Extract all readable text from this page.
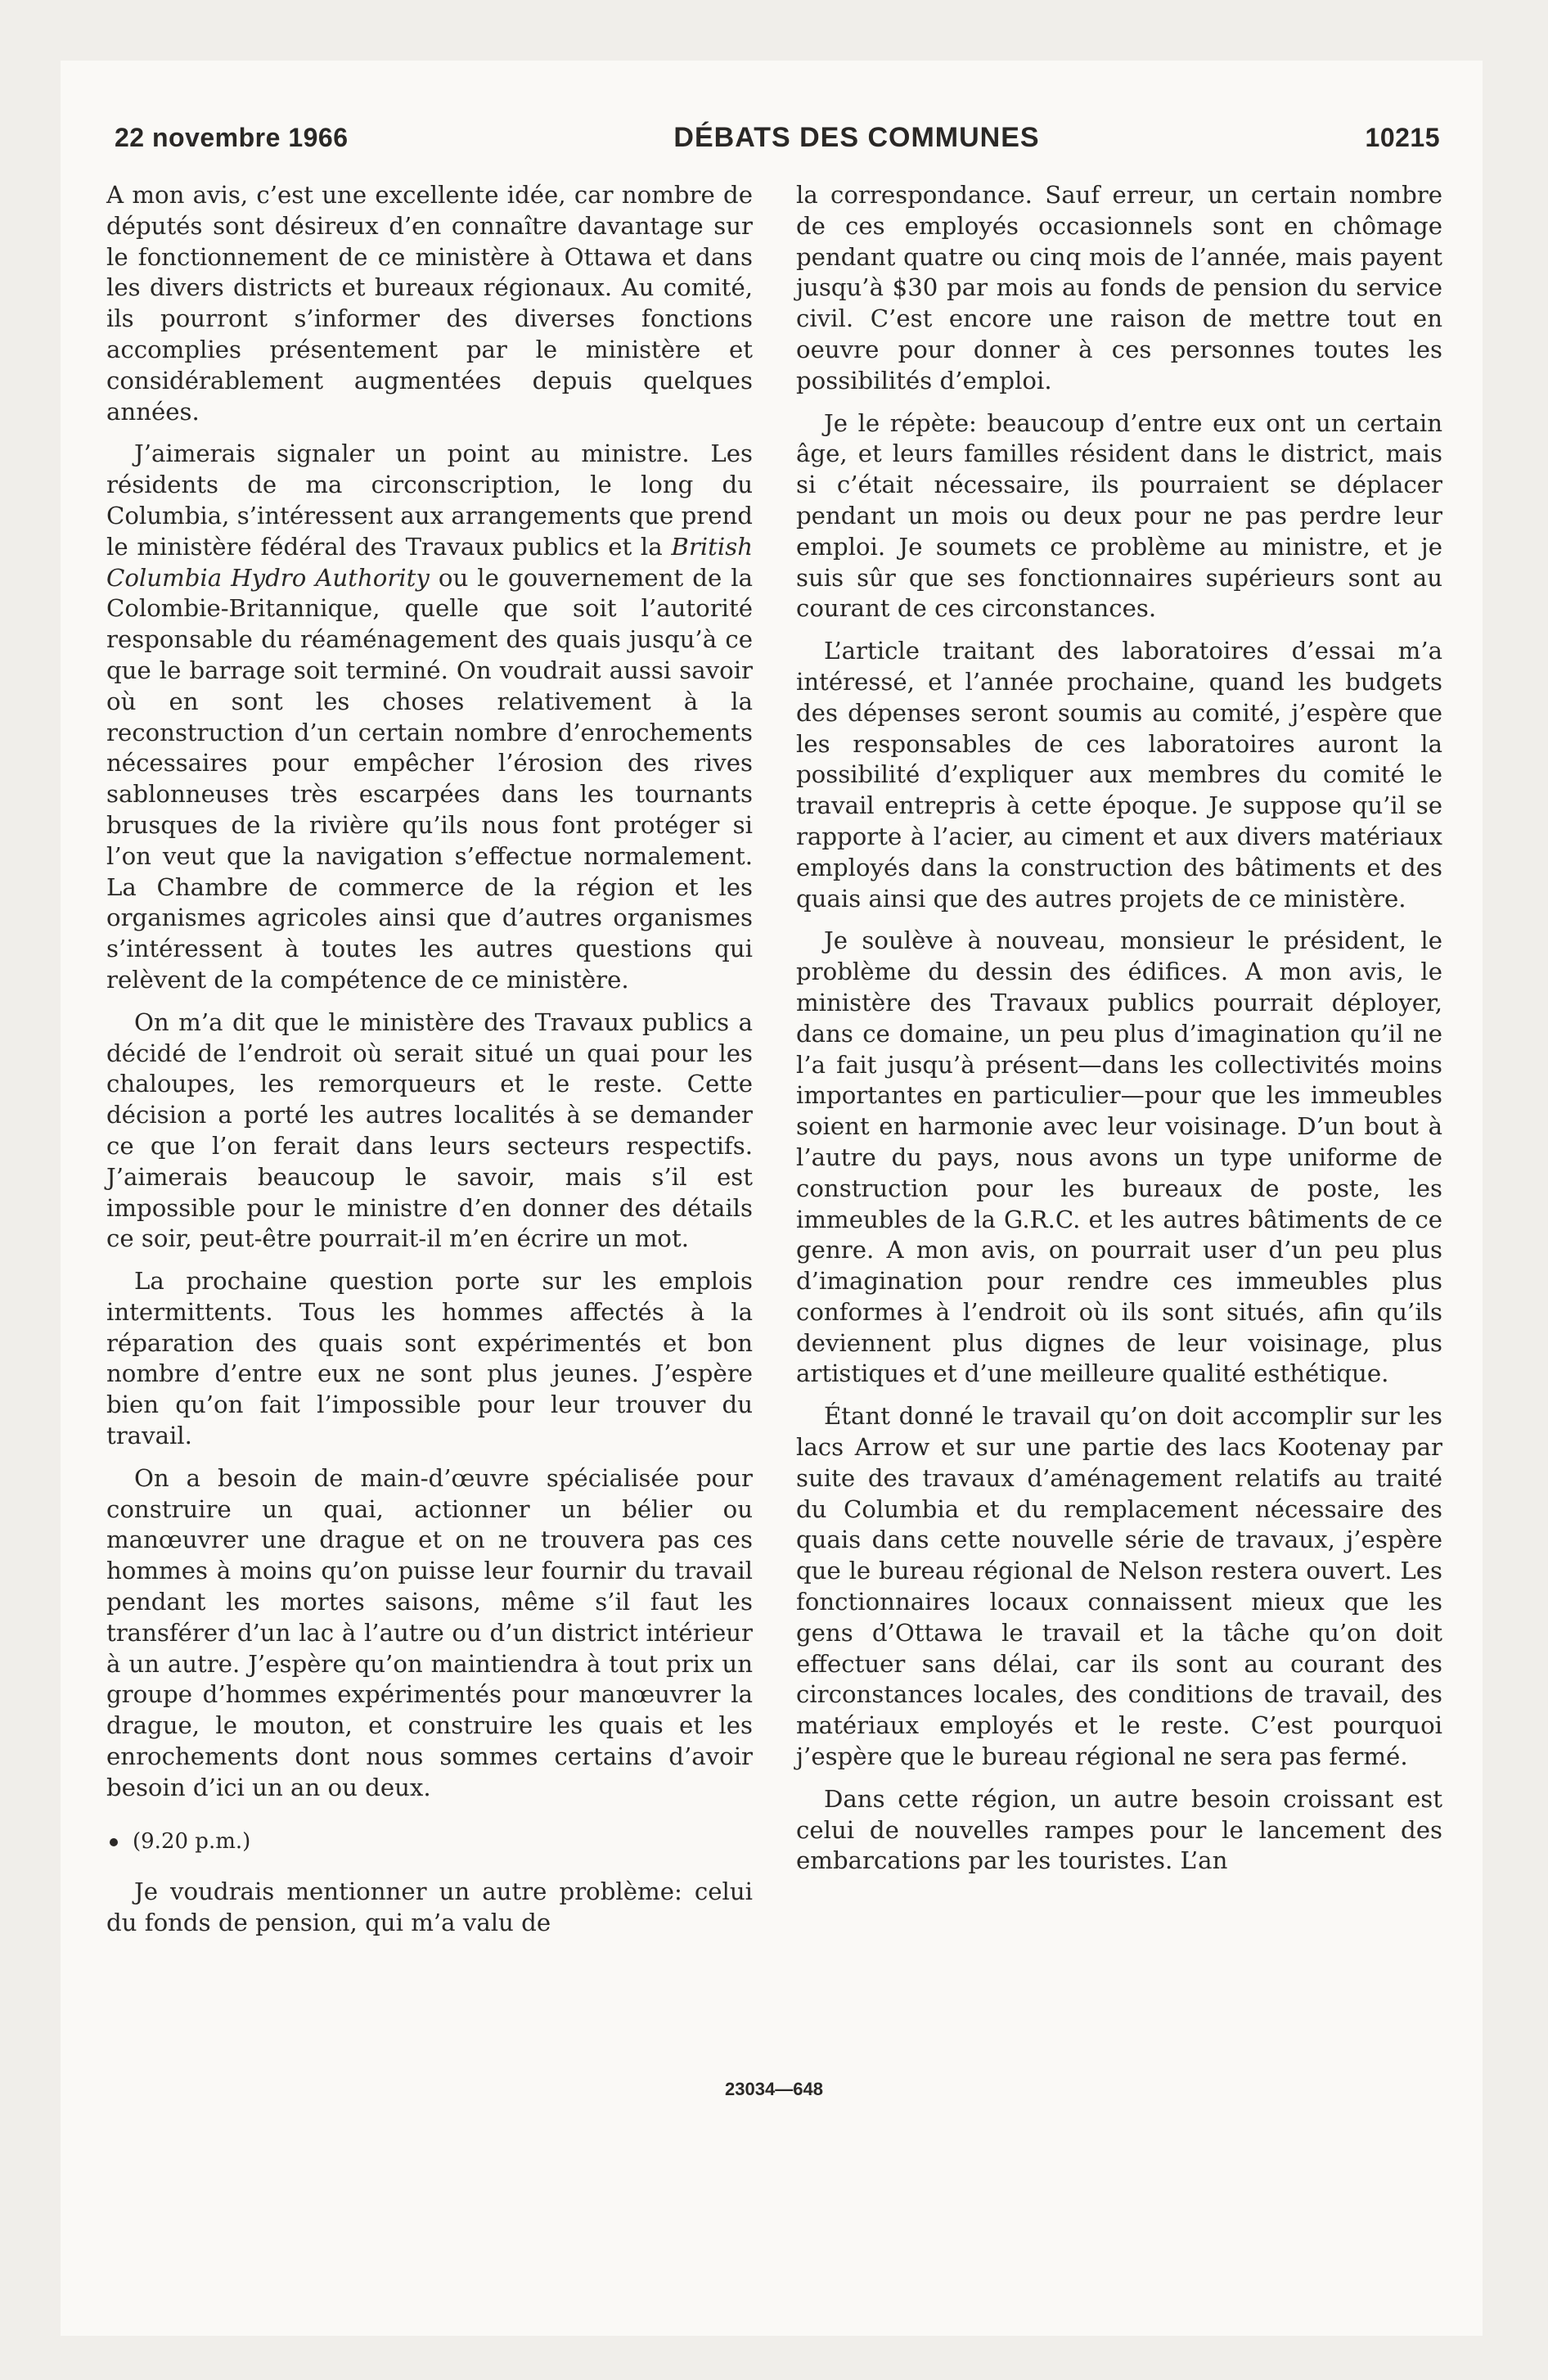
22 novembre 1966	DÉBATS DES COMMUNES	10215

A mon avis, c’est une excellente idée, car nombre de députés sont désireux d’en connaître davantage sur le fonctionnement de ce ministère à Ottawa et dans les divers districts et bureaux régionaux. Au comité, ils pourront s’informer des diverses fonctions accomplies présentement par le ministère et considérablement augmentées depuis quelques années.

J’aimerais signaler un point au ministre. Les résidents de ma circonscription, le long du Columbia, s’intéressent aux arrangements que prend le ministère fédéral des Travaux publics et la British Columbia Hydro Authority ou le gouvernement de la Colombie-Britannique, quelle que soit l’autorité responsable du réaménagement des quais jusqu’à ce que le barrage soit terminé. On voudrait aussi savoir où en sont les choses relativement à la reconstruction d’un certain nombre d’enrochements nécessaires pour empêcher l’érosion des rives sablonneuses très escarpées dans les tournants brusques de la rivière qu’ils nous font protéger si l’on veut que la navigation s’effectue normalement. La Chambre de commerce de la région et les organismes agricoles ainsi que d’autres organismes s’intéressent à toutes les autres questions qui relèvent de la compétence de ce ministère.

On m’a dit que le ministère des Travaux publics a décidé de l’endroit où serait situé un quai pour les chaloupes, les remorqueurs et le reste. Cette décision a porté les autres localités à se demander ce que l’on ferait dans leurs secteurs respectifs. J’aimerais beaucoup le savoir, mais s’il est impossible pour le ministre d’en donner des détails ce soir, peut-être pourrait-il m’en écrire un mot.

La prochaine question porte sur les emplois intermittents. Tous les hommes affectés à la réparation des quais sont expérimentés et bon nombre d’entre eux ne sont plus jeunes. J’espère bien qu’on fait l’impossible pour leur trouver du travail.

On a besoin de main-d’œuvre spécialisée pour construire un quai, actionner un bélier ou manœuvrer une drague et on ne trouvera pas ces hommes à moins qu’on puisse leur fournir du travail pendant les mortes saisons, même s’il faut les transférer d’un lac à l’autre ou d’un district intérieur à un autre. J’espère qu’on maintiendra à tout prix un groupe d’hommes expérimentés pour manœuvrer la drague, le mouton, et construire les quais et les enrochements dont nous sommes certains d’avoir besoin d’ici un an ou deux.

(9.20 p.m.)

Je voudrais mentionner un autre problème: celui du fonds de pension, qui m’a valu de

la correspondance. Sauf erreur, un certain nombre de ces employés occasionnels sont en chômage pendant quatre ou cinq mois de l’année, mais payent jusqu’à $30 par mois au fonds de pension du service civil. C’est encore une raison de mettre tout en oeuvre pour donner à ces personnes toutes les possibilités d’emploi.

Je le répète: beaucoup d’entre eux ont un certain âge, et leurs familles résident dans le district, mais si c’était nécessaire, ils pourraient se déplacer pendant un mois ou deux pour ne pas perdre leur emploi. Je soumets ce problème au ministre, et je suis sûr que ses fonctionnaires supérieurs sont au courant de ces circonstances.

L’article traitant des laboratoires d’essai m’a intéressé, et l’année prochaine, quand les budgets des dépenses seront soumis au comité, j’espère que les responsables de ces laboratoires auront la possibilité d’expliquer aux membres du comité le travail entrepris à cette époque. Je suppose qu’il se rapporte à l’acier, au ciment et aux divers matériaux employés dans la construction des bâtiments et des quais ainsi que des autres projets de ce ministère.

Je soulève à nouveau, monsieur le président, le problème du dessin des édifices. A mon avis, le ministère des Travaux publics pourrait déployer, dans ce domaine, un peu plus d’imagination qu’il ne l’a fait jusqu’à présent—dans les collectivités moins importantes en particulier—pour que les immeubles soient en harmonie avec leur voisinage. D’un bout à l’autre du pays, nous avons un type uniforme de construction pour les bureaux de poste, les immeubles de la G.R.C. et les autres bâtiments de ce genre. A mon avis, on pourrait user d’un peu plus d’imagination pour rendre ces immeubles plus conformes à l’endroit où ils sont situés, afin qu’ils deviennent plus dignes de leur voisinage, plus artistiques et d’une meilleure qualité esthétique.

Étant donné le travail qu’on doit accomplir sur les lacs Arrow et sur une partie des lacs Kootenay par suite des travaux d’aménagement relatifs au traité du Columbia et du remplacement nécessaire des quais dans cette nouvelle série de travaux, j’espère que le bureau régional de Nelson restera ouvert. Les fonctionnaires locaux connaissent mieux que les gens d’Ottawa le travail et la tâche qu’on doit effectuer sans délai, car ils sont au courant des circonstances locales, des conditions de travail, des matériaux employés et le reste. C’est pourquoi j’espère que le bureau régional ne sera pas fermé.

Dans cette région, un autre besoin croissant est celui de nouvelles rampes pour le lancement des embarcations par les touristes. L’an

23034—648
